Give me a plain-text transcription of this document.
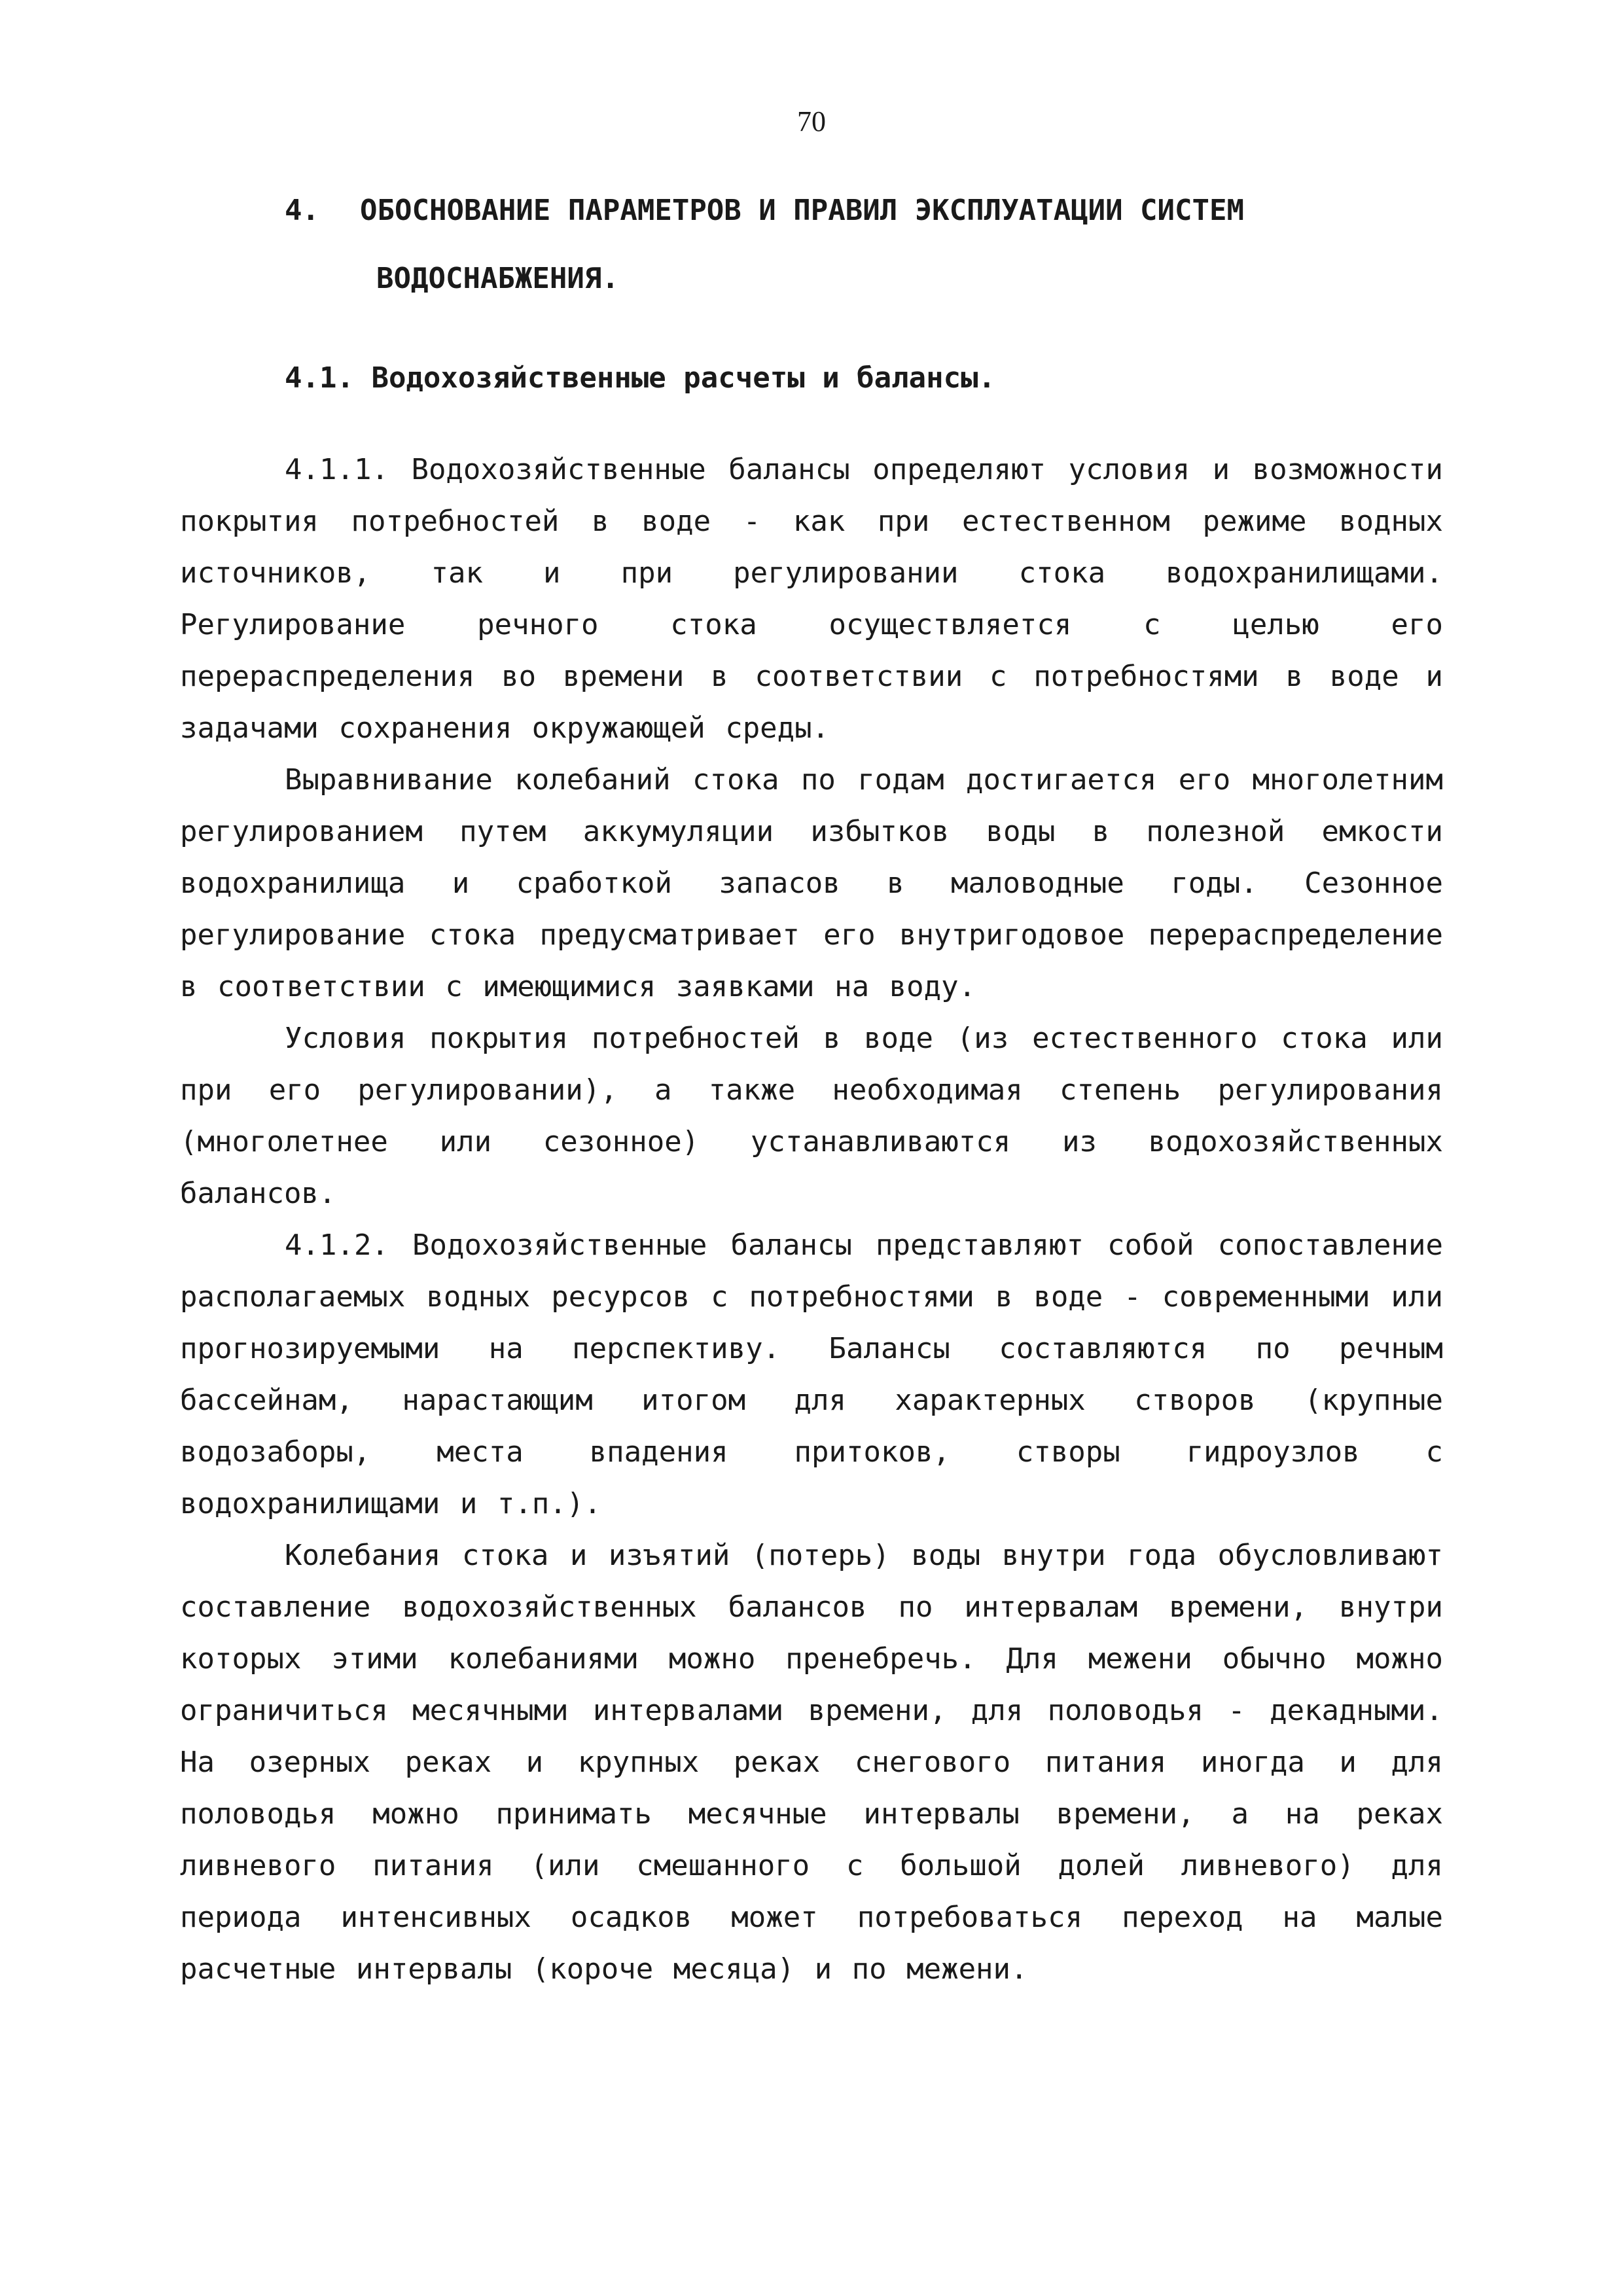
70
4.	ОБОСНОВАНИЕ ПАРАМЕТРОВ И ПРАВИЛ ЭКСПЛУАТАЦИИ СИСТЕМ
ВОДОСНАБЖЕНИЯ.
4.1. Водохозяйственные расчеты и балансы.

4.1.1. Водохозяйственные балансы определяют условия и возможности покрытия потребностей в воде - как при естественном режиме водных источников, так и при регулировании стока водохранилищами. Регулирование речного стока осуществляется с целью его перераспределения во времени в соответствии с потребностями в воде и задачами сохранения окружающей среды.

Выравнивание колебаний стока по годам достигается его многолетним регулированием путем аккумуляции избытков воды в полезной емкости водохранилища и сработкой запасов в маловодные годы. Сезонное регулирование стока предусматривает его внутригодовое перераспределение в соответствии с имеющимися заявками на воду.

Условия покрытия потребностей в воде (из естественного стока или при его регулировании), а также необходимая степень регулирования (многолетнее или сезонное) устанавливаются из водохозяйственных балансов.

4.1.2. Водохозяйственные балансы представляют собой сопоставление располагаемых водных ресурсов с потребностями в воде - современными или прогнозируемыми на перспективу. Балансы составляются по речным бассейнам, нарастающим итогом для характерных створов (крупные водозаборы, места впадения притоков, створы гидроузлов с водохранилищами и т.п.).

Колебания стока и изъятий (потерь) воды внутри года обусловливают составление водохозяйственных балансов по интервалам времени, внутри которых этими колебаниями можно пренебречь. Для межени обычно можно ограничиться месячными интервалами времени, для половодья - декадными. На озерных реках и крупных реках снегового питания иногда и для половодья можно принимать месячные интервалы времени, а на реках ливневого питания (или смешанного с большой долей ливневого) для периода интенсивных осадков может потребоваться переход на малые расчетные интервалы (короче месяца) и по межени.
